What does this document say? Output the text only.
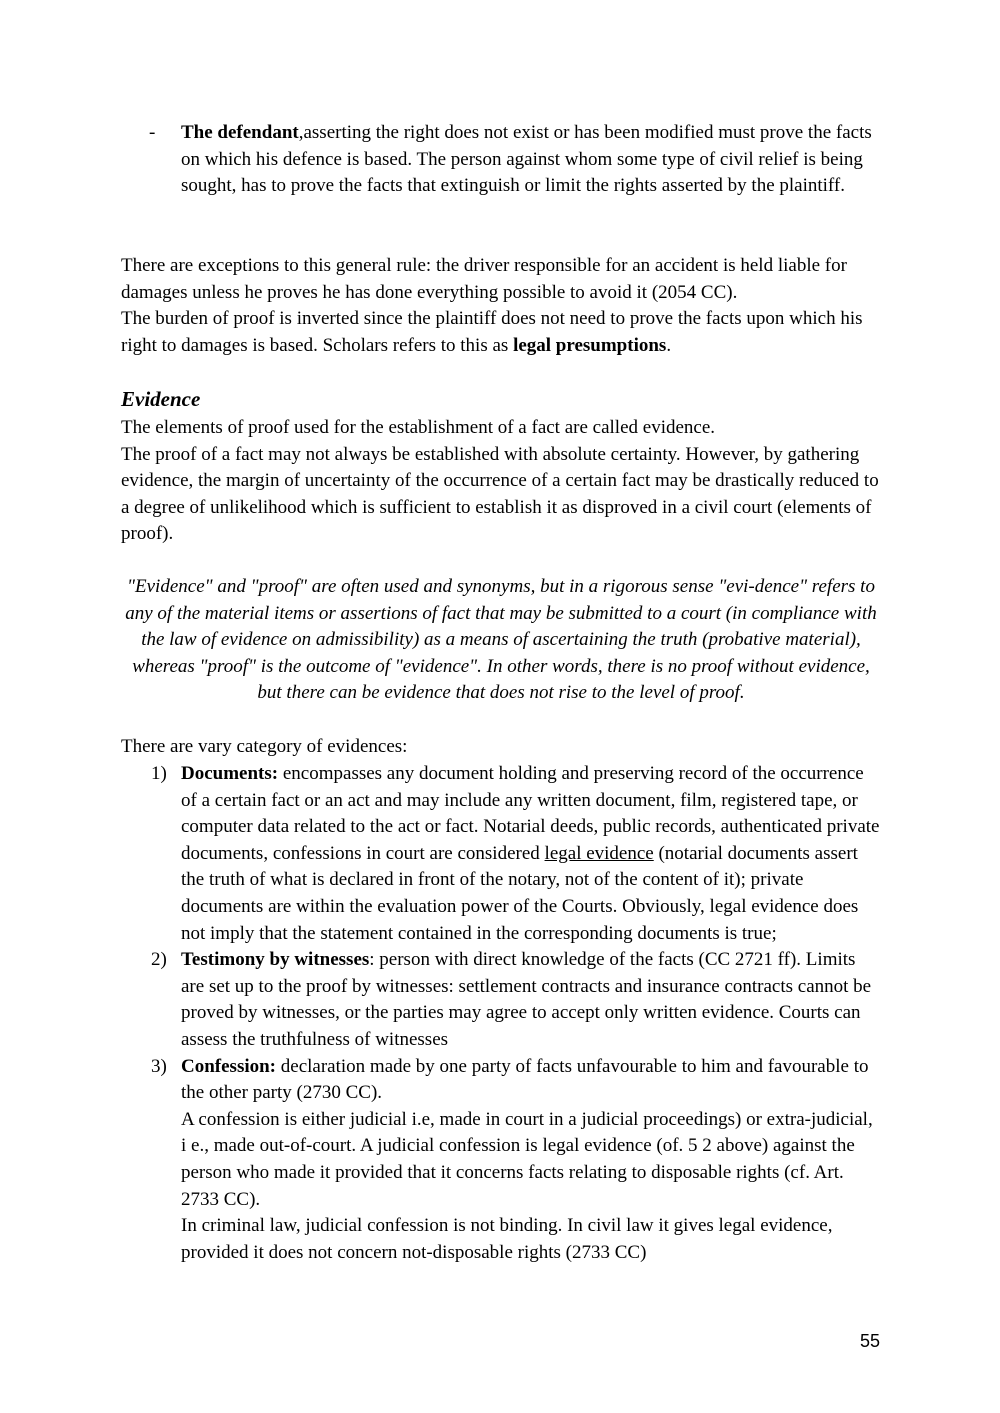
- The defendant,asserting the right does not exist or has been modified must prove the facts on which his defence is based. The person against whom some type of civil relief is being sought, has to prove the facts that extinguish or limit the rights asserted by the plaintiff.
There are exceptions to this general rule: the driver responsible for an accident is held liable for damages unless he proves he has done everything possible to avoid it (2054 CC).
The burden of proof is inverted since the plaintiff does not need to prove the facts upon which his right to damages is based. Scholars refers to this as legal presumptions.
Evidence
The elements of proof used for the establishment of a fact are called evidence.
The proof of a fact may not always be established with absolute certainty. However, by gathering evidence, the margin of uncertainty of the occurrence of a certain fact may be drastically reduced to a degree of unlikelihood which is sufficient to establish it as disproved in a civil court (elements of proof).

"Evidence" and "proof" are often used and synonyms, but in a rigorous sense "evi-dence" refers to any of the material items or assertions of fact that may be submitted to a court (in compliance with the law of evidence on admissibility) as a means of ascertaining the truth (probative material), whereas "proof" is the outcome of "evidence". In other words, there is no proof without evidence, but there can be evidence that does not rise to the level of proof.

There are vary category of evidences:
1) Documents: encompasses any document holding and preserving record of the occurrence of a certain fact or an act and may include any written document, film, registered tape, or computer data related to the act or fact. Notarial deeds, public records, authenticated private documents, confessions in court are considered legal evidence (notarial documents assert the truth of what is declared in front of the notary, not of the content of it); private documents are within the evaluation power of the Courts. Obviously, legal evidence does not imply that the statement contained in the corresponding documents is true;

2) Testimony by witnesses: person with direct knowledge of the facts (CC 2721 ff). Limits are set up to the proof by witnesses: settlement contracts and insurance contracts cannot be proved by witnesses, or the parties may agree to accept only written evidence. Courts can assess the truthfulness of witnesses

3) Confession: declaration made by one party of facts unfavourable to him and favourable to the other party (2730 CC).

A confession is either judicial i.e, made in court in a judicial proceedings) or extra-judicial, i e., made out-of-court. A judicial confession is legal evidence (of. 5 2 above) against the person who made it provided that it concerns facts relating to disposable rights (cf. Art. 2733 CC).

In criminal law, judicial confession is not binding. In civil law it gives legal evidence, provided it does not concern not-disposable rights (2733 CC)

55
